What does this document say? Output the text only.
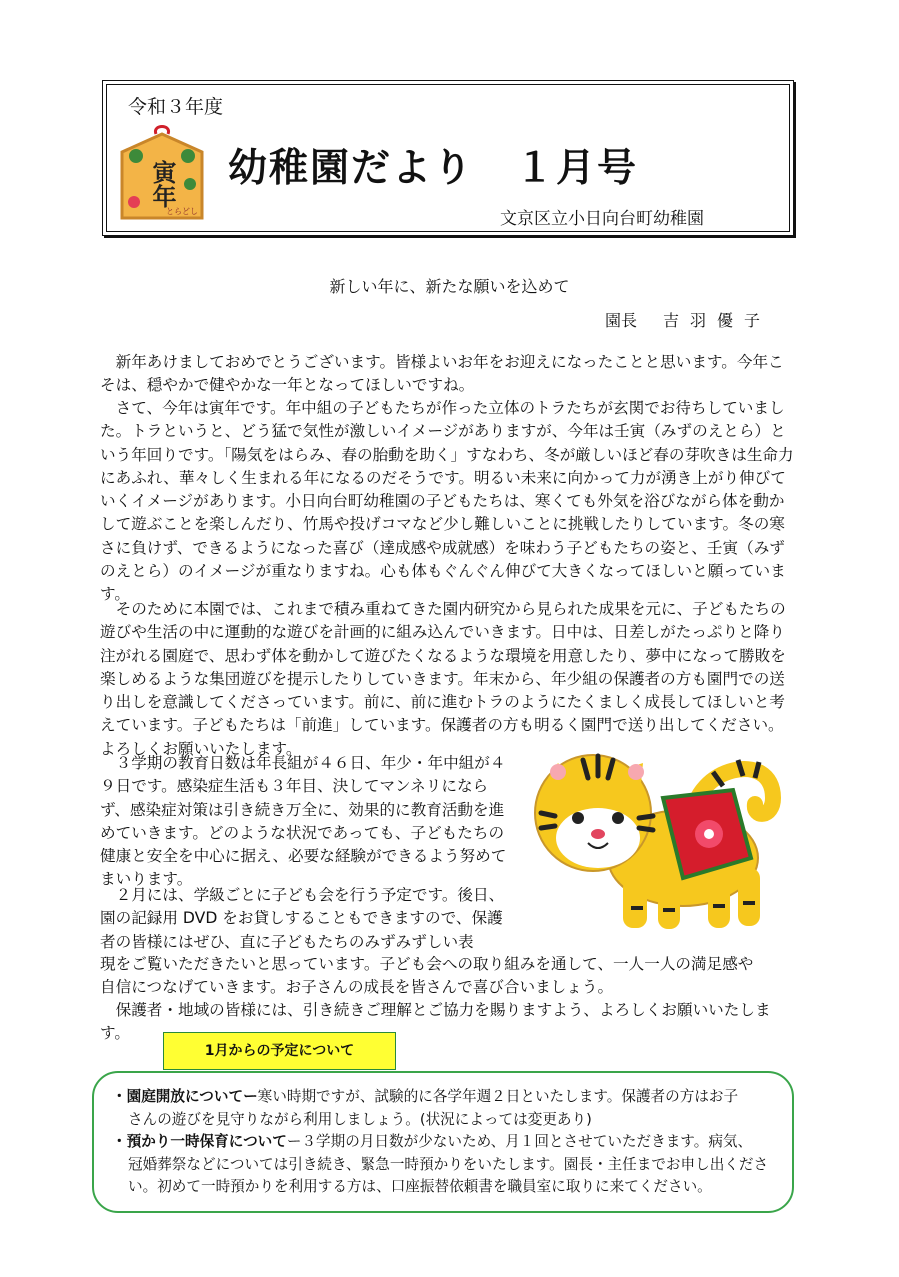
令和３年度
寅年
とらどし
幼稚園だより　１月号
文京区立小日向台町幼稚園
新しい年に、新たな願いを込めて
園長 吉羽優子

新年あけましておめでとうございます。皆様よいお年をお迎えになったことと思います。今年こそは、穏やかで健やかな一年となってほしいですね。

さて、今年は寅年です。年中組の子どもたちが作った立体のトラたちが玄関でお待ちしていました。トラというと、どう猛で気性が激しいイメージがありますが、今年は壬寅（みずのえとら）という年回りです。「陽気をはらみ、春の胎動を助く」すなわち、冬が厳しいほど春の芽吹きは生命力にあふれ、華々しく生まれる年になるのだそうです。明るい未来に向かって力が湧き上がり伸びていくイメージがあります。小日向台町幼稚園の子どもたちは、寒くても外気を浴びながら体を動かして遊ぶことを楽しんだり、竹馬や投げコマなど少し難しいことに挑戦したりしています。冬の寒さに負けず、できるようになった喜び（達成感や成就感）を味わう子どもたちの姿と、壬寅（みずのえとら）のイメージが重なりますね。心も体もぐんぐん伸びて大きくなってほしいと願っています。

そのために本園では、これまで積み重ねてきた園内研究から見られた成果を元に、子どもたちの遊びや生活の中に運動的な遊びを計画的に組み込んでいきます。日中は、日差しがたっぷりと降り注がれる園庭で、思わず体を動かして遊びたくなるような環境を用意したり、夢中になって勝敗を楽しめるような集団遊びを提示したりしていきます。年末から、年少組の保護者の方も園門での送り出しを意識してくださっています。前に、前に進むトラのようにたくましく成長してほしいと考えています。子どもたちは「前進」しています。保護者の方も明るく園門で送り出してください。よろしくお願いいたします。

３学期の教育日数は年長組が４６日、年少・年中組が４９日です。感染症生活も３年目、決してマンネリにならず、感染症対策は引き続き万全に、効果的に教育活動を進めていきます。どのような状況であっても、子どもたちの健康と安全を中心に据え、必要な経験ができるよう努めてまいります。

２月には、学級ごとに子ども会を行う予定です。後日、園の記録用 DVD をお貸しすることもできますので、保護者の皆様にはぜひ、直に子どもたちのみずみずしい表

現をご覧いただきたいと思っています。子ども会への取り組みを通して、一人一人の満足感や

自信につなげていきます。お子さんの成長を皆さんで喜び合いましょう。

保護者・地域の皆様には、引き続きご理解とご協力を賜りますよう、よろしくお願いいたします。

1月からの予定について
・園庭開放についてー寒い時期ですが、試験的に各学年週２日といたします。保護者の方はお子
さんの遊びを見守りながら利用しましょう。(状況によっては変更あり)
・預かり一時保育についてー３学期の月日数が少ないため、月１回とさせていただきます。病気、
冠婚葬祭などについては引き続き、緊急一時預かりをいたします。園長・主任までお申し出ください。初めて一時預かりを利用する方は、口座振替依頼書を職員室に取りに来てください。
